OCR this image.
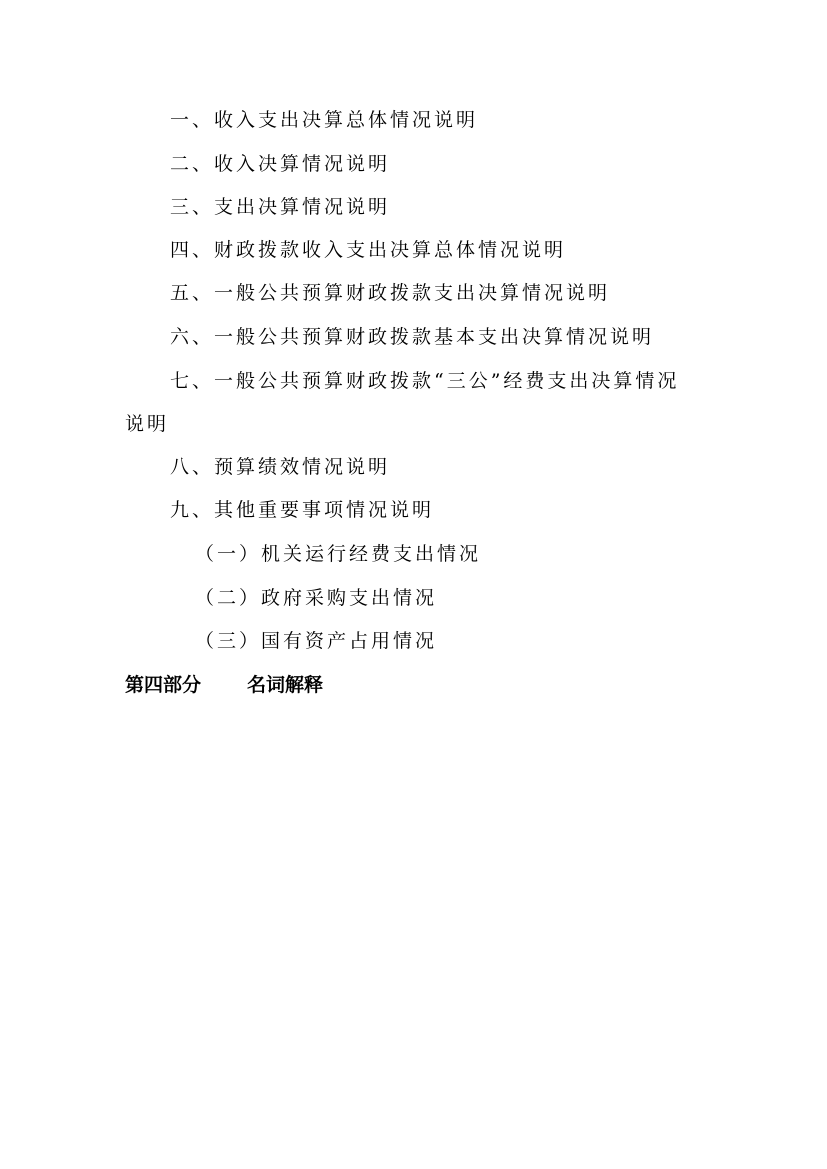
一、收入支出决算总体情况说明
二、收入决算情况说明
三、支出决算情况说明
四、财政拨款收入支出决算总体情况说明
五、一般公共预算财政拨款支出决算情况说明
六、一般公共预算财政拨款基本支出决算情况说明
七、一般公共预算财政拨款“三公”经费支出决算情况
说明
八、预算绩效情况说明
九、其他重要事项情况说明
（一）机关运行经费支出情况
（二）政府采购支出情况
（三）国有资产占用情况
第四部分 名词解释
